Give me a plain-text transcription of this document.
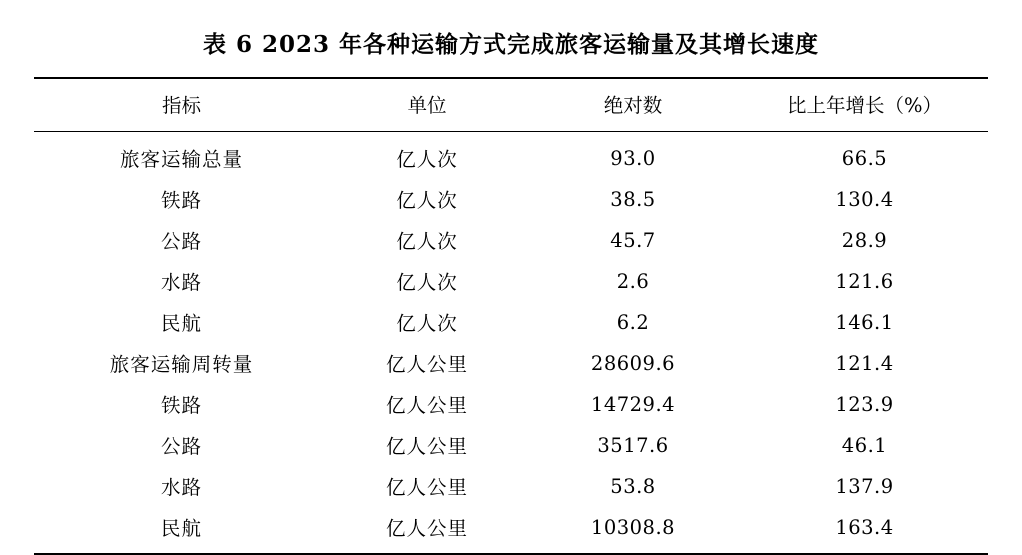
表 6 2023 年各种运输方式完成旅客运输量及其增长速度
指标	单位	绝对数	比上年增长（%）
旅客运输总量	亿人次	93.0	66.5
铁路	亿人次	38.5	130.4
公路	亿人次	45.7	28.9
水路	亿人次	2.6	121.6
民航	亿人次	6.2	146.1
旅客运输周转量	亿人公里	28609.6	121.4
铁路	亿人公里	14729.4	123.9
公路	亿人公里	3517.6	46.1
水路	亿人公里	53.8	137.9
民航	亿人公里	10308.8	163.4
